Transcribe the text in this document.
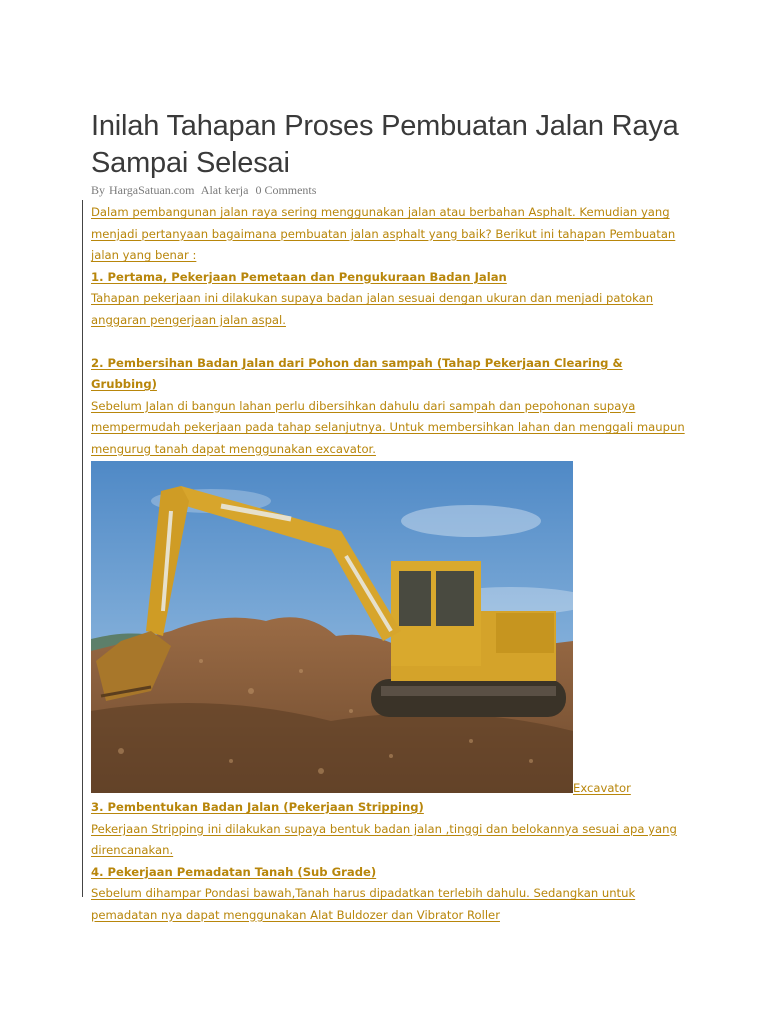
Inilah Tahapan Proses Pembuatan Jalan Raya Sampai Selesai
By HargaSatuan.com Alat kerja 0 Comments

Dalam pembangunan jalan raya sering menggunakan jalan atau berbahan Asphalt. Kemudian yang menjadi pertanyaan bagaimana pembuatan jalan asphalt yang baik? Berikut ini tahapan Pembuatan jalan yang benar :

1. Pertama, Pekerjaan Pemetaan dan Pengukuraan Badan Jalan

Tahapan pekerjaan ini dilakukan supaya badan jalan sesuai dengan ukuran dan menjadi patokan anggaran pengerjaan jalan aspal.

2. Pembersihan Badan Jalan dari Pohon dan sampah (Tahap Pekerjaan Clearing & Grubbing)

Sebelum Jalan di bangun lahan perlu dibersihkan dahulu dari sampah dan pepohonan supaya mempermudah pekerjaan pada tahap selanjutnya. Untuk membersihkan lahan dan menggali maupun mengurug tanah dapat menggunakan excavator.

Excavator

3. Pembentukan Badan Jalan (Pekerjaan Stripping)

Pekerjaan Stripping ini dilakukan supaya bentuk badan jalan ,tinggi dan belokannya sesuai apa yang direncanakan.

4. Pekerjaan Pemadatan Tanah (Sub Grade)

Sebelum dihampar Pondasi bawah,Tanah harus dipadatkan terlebih dahulu. Sedangkan untuk pemadatan nya dapat menggunakan Alat Buldozer dan Vibrator Roller
